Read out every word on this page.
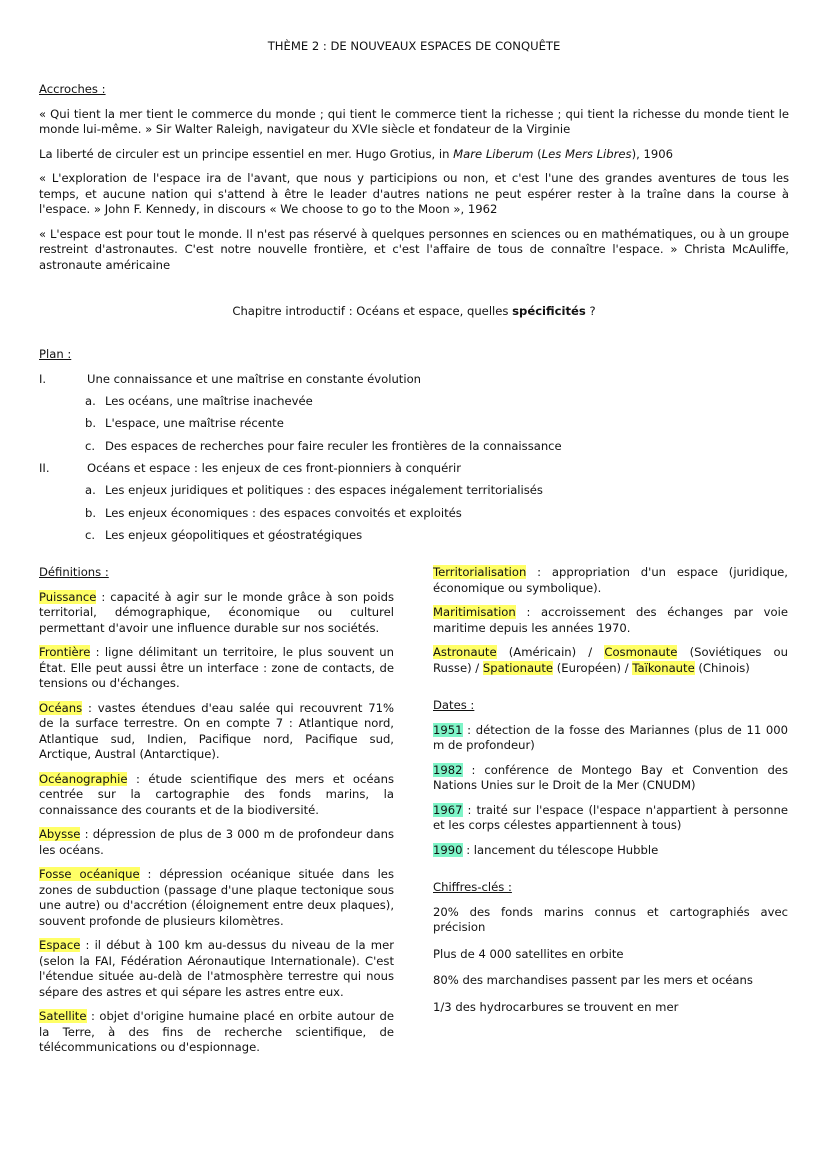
THÈME 2 : DE NOUVEAUX ESPACES DE CONQUÊTE
Accroches :

« Qui tient la mer tient le commerce du monde ; qui tient le commerce tient la richesse ; qui tient la richesse du monde tient le monde lui-même. » Sir Walter Raleigh, navigateur du XVIe siècle et fondateur de la Virginie

La liberté de circuler est un principe essentiel en mer. Hugo Grotius, in Mare Liberum (Les Mers Libres), 1906

« L'exploration de l'espace ira de l'avant, que nous y participions ou non, et c'est l'une des grandes aventures de tous les temps, et aucune nation qui s'attend à être le leader d'autres nations ne peut espérer rester à la traîne dans la course à l'espace. » John F. Kennedy, in discours « We choose to go to the Moon », 1962

« L'espace est pour tout le monde. Il n'est pas réservé à quelques personnes en sciences ou en mathématiques, ou à un groupe restreint d'astronautes. C'est notre nouvelle frontière, et c'est l'affaire de tous de connaître l'espace. » Christa McAuliffe, astronaute américaine

Chapitre introductif : Océans et espace, quelles spécificités ?
Plan :
I.	Une connaissance et une maîtrise en constante évolution
a. Les océans, une maîtrise inachevée
b. L'espace, une maîtrise récente
c. Des espaces de recherches pour faire reculer les frontières de la connaissance
II.	Océans et espace : les enjeux de ces front-pionniers à conquérir
a. Les enjeux juridiques et politiques : des espaces inégalement territorialisés
b. Les enjeux économiques : des espaces convoités et exploités
c. Les enjeux géopolitiques et géostratégiques
Définitions :

Puissance : capacité à agir sur le monde grâce à son poids territorial, démographique, économique ou culturel permettant d'avoir une influence durable sur nos sociétés.

Frontière : ligne délimitant un territoire, le plus souvent un État. Elle peut aussi être un interface : zone de contacts, de tensions ou d'échanges.

Océans : vastes étendues d'eau salée qui recouvrent 71% de la surface terrestre. On en compte 7 : Atlantique nord, Atlantique sud, Indien, Pacifique nord, Pacifique sud, Arctique, Austral (Antarctique).

Océanographie : étude scientifique des mers et océans centrée sur la cartographie des fonds marins, la connaissance des courants et de la biodiversité.

Abysse : dépression de plus de 3 000 m de profondeur dans les océans.

Fosse océanique : dépression océanique située dans les zones de subduction (passage d'une plaque tectonique sous une autre) ou d'accrétion (éloignement entre deux plaques), souvent profonde de plusieurs kilomètres.

Espace : il début à 100 km au-dessus du niveau de la mer (selon la FAI, Fédération Aéronautique Internationale). C'est l'étendue située au-delà de l'atmosphère terrestre qui nous sépare des astres et qui sépare les astres entre eux.

Satellite : objet d'origine humaine placé en orbite autour de la Terre, à des fins de recherche scientifique, de télécommunications ou d'espionnage.

Territorialisation : appropriation d'un espace (juridique, économique ou symbolique).

Maritimisation : accroissement des échanges par voie maritime depuis les années 1970.

Astronaute (Américain) / Cosmonaute (Soviétiques ou Russe) / Spationaute (Européen) / Taïkonaute (Chinois)

Dates :

1951 : détection de la fosse des Mariannes (plus de 11 000 m de profondeur)

1982 : conférence de Montego Bay et Convention des Nations Unies sur le Droit de la Mer (CNUDM)

1967 : traité sur l'espace (l'espace n'appartient à personne et les corps célestes appartiennent à tous)

1990 : lancement du télescope Hubble

Chiffres-clés :

20% des fonds marins connus et cartographiés avec précision

Plus de 4 000 satellites en orbite

80% des marchandises passent par les mers et océans

1/3 des hydrocarbures se trouvent en mer
